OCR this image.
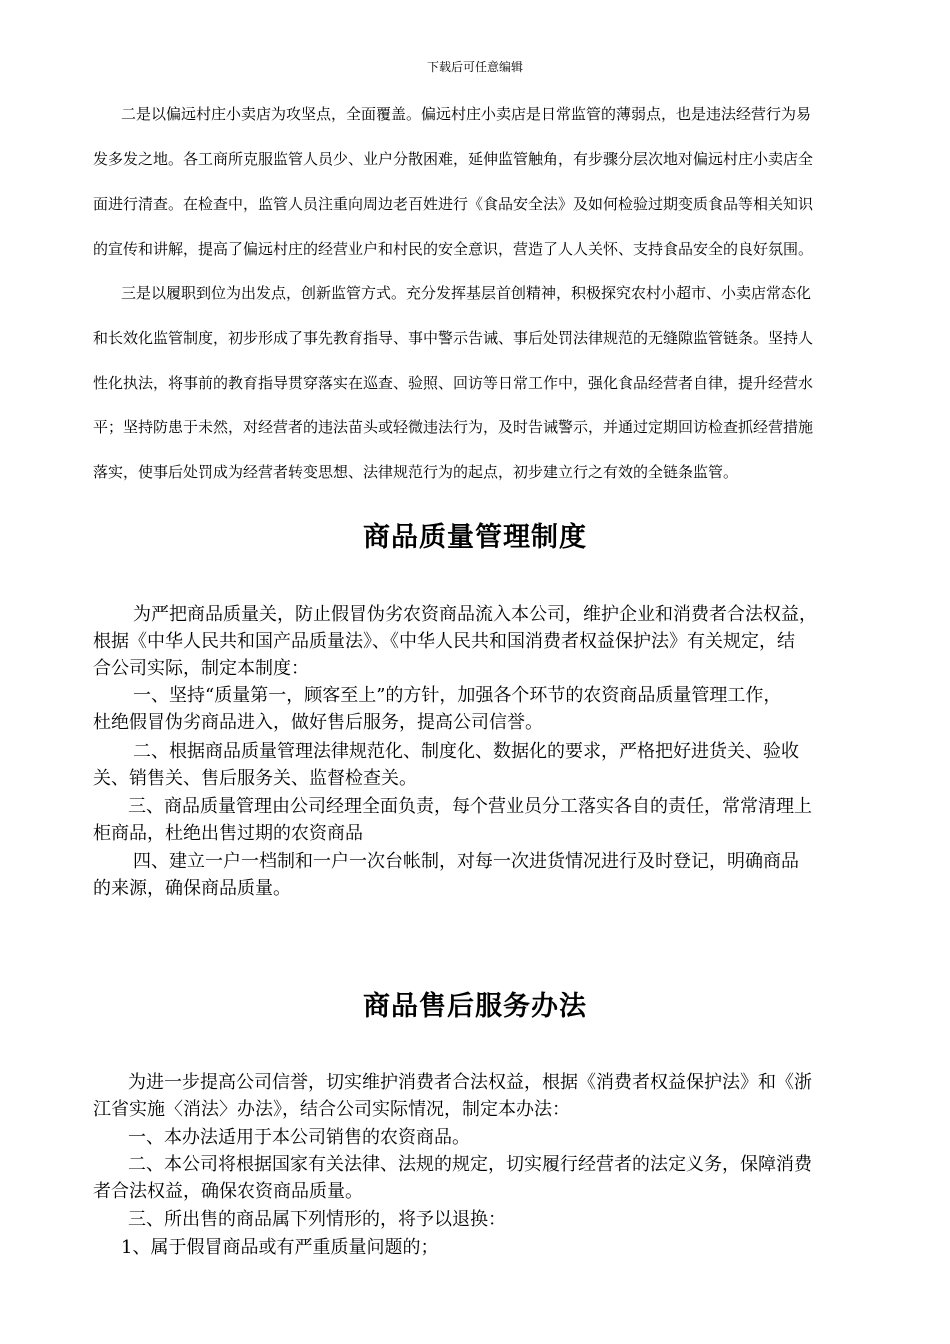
下载后可任意编辑

二是以偏远村庄小卖店为攻坚点，全面覆盖。偏远村庄小卖店是日常监管的薄弱点，也是违法经营行为易

发多发之地。各工商所克服监管人员少、业户分散困难，延伸监管触角，有步骤分层次地对偏远村庄小卖店全

面进行清查。在检查中，监管人员注重向周边老百姓进行《食品安全法》及如何检验过期变质食品等相关知识

的宣传和讲解，提高了偏远村庄的经营业户和村民的安全意识，营造了人人关怀、支持食品安全的良好氛围。

三是以履职到位为出发点，创新监管方式。充分发挥基层首创精神，积极探究农村小超市、小卖店常态化

和长效化监管制度，初步形成了事先教育指导、事中警示告诫、事后处罚法律规范的无缝隙监管链条。坚持人

性化执法，将事前的教育指导贯穿落实在巡查、验照、回访等日常工作中，强化食品经营者自律，提升经营水

平；坚持防患于未然，对经营者的违法苗头或轻微违法行为，及时告诫警示，并通过定期回访检查抓经营措施

落实，使事后处罚成为经营者转变思想、法律规范行为的起点，初步建立行之有效的全链条监管。

商品质量管理制度

为严把商品质量关，防止假冒伪劣农资商品流入本公司，维护企业和消费者合法权益，

根据《中华人民共和国产品质量法》、《中华人民共和国消费者权益保护法》有关规定，结

合公司实际，制定本制度：

一、坚持“质量第一，顾客至上”的方针，加强各个环节的农资商品质量管理工作，

杜绝假冒伪劣商品进入，做好售后服务，提高公司信誉。

二、根据商品质量管理法律规范化、制度化、数据化的要求，严格把好进货关、验收

关、销售关、售后服务关、监督检查关。

三、商品质量管理由公司经理全面负责，每个营业员分工落实各自的责任，常常清理上

柜商品，杜绝出售过期的农资商品

四、建立一户一档制和一户一次台帐制，对每一次进货情况进行及时登记，明确商品

的来源，确保商品质量。

商品售后服务办法

为进一步提高公司信誉，切实维护消费者合法权益，根据《消费者权益保护法》和《浙

江省实施〈消法〉办法》，结合公司实际情况，制定本办法：

一、本办法适用于本公司销售的农资商品。

二、本公司将根据国家有关法律、法规的规定，切实履行经营者的法定义务，保障消费

者合法权益，确保农资商品质量。

三、所出售的商品属下列情形的，将予以退换：

1、属于假冒商品或有严重质量问题的；
